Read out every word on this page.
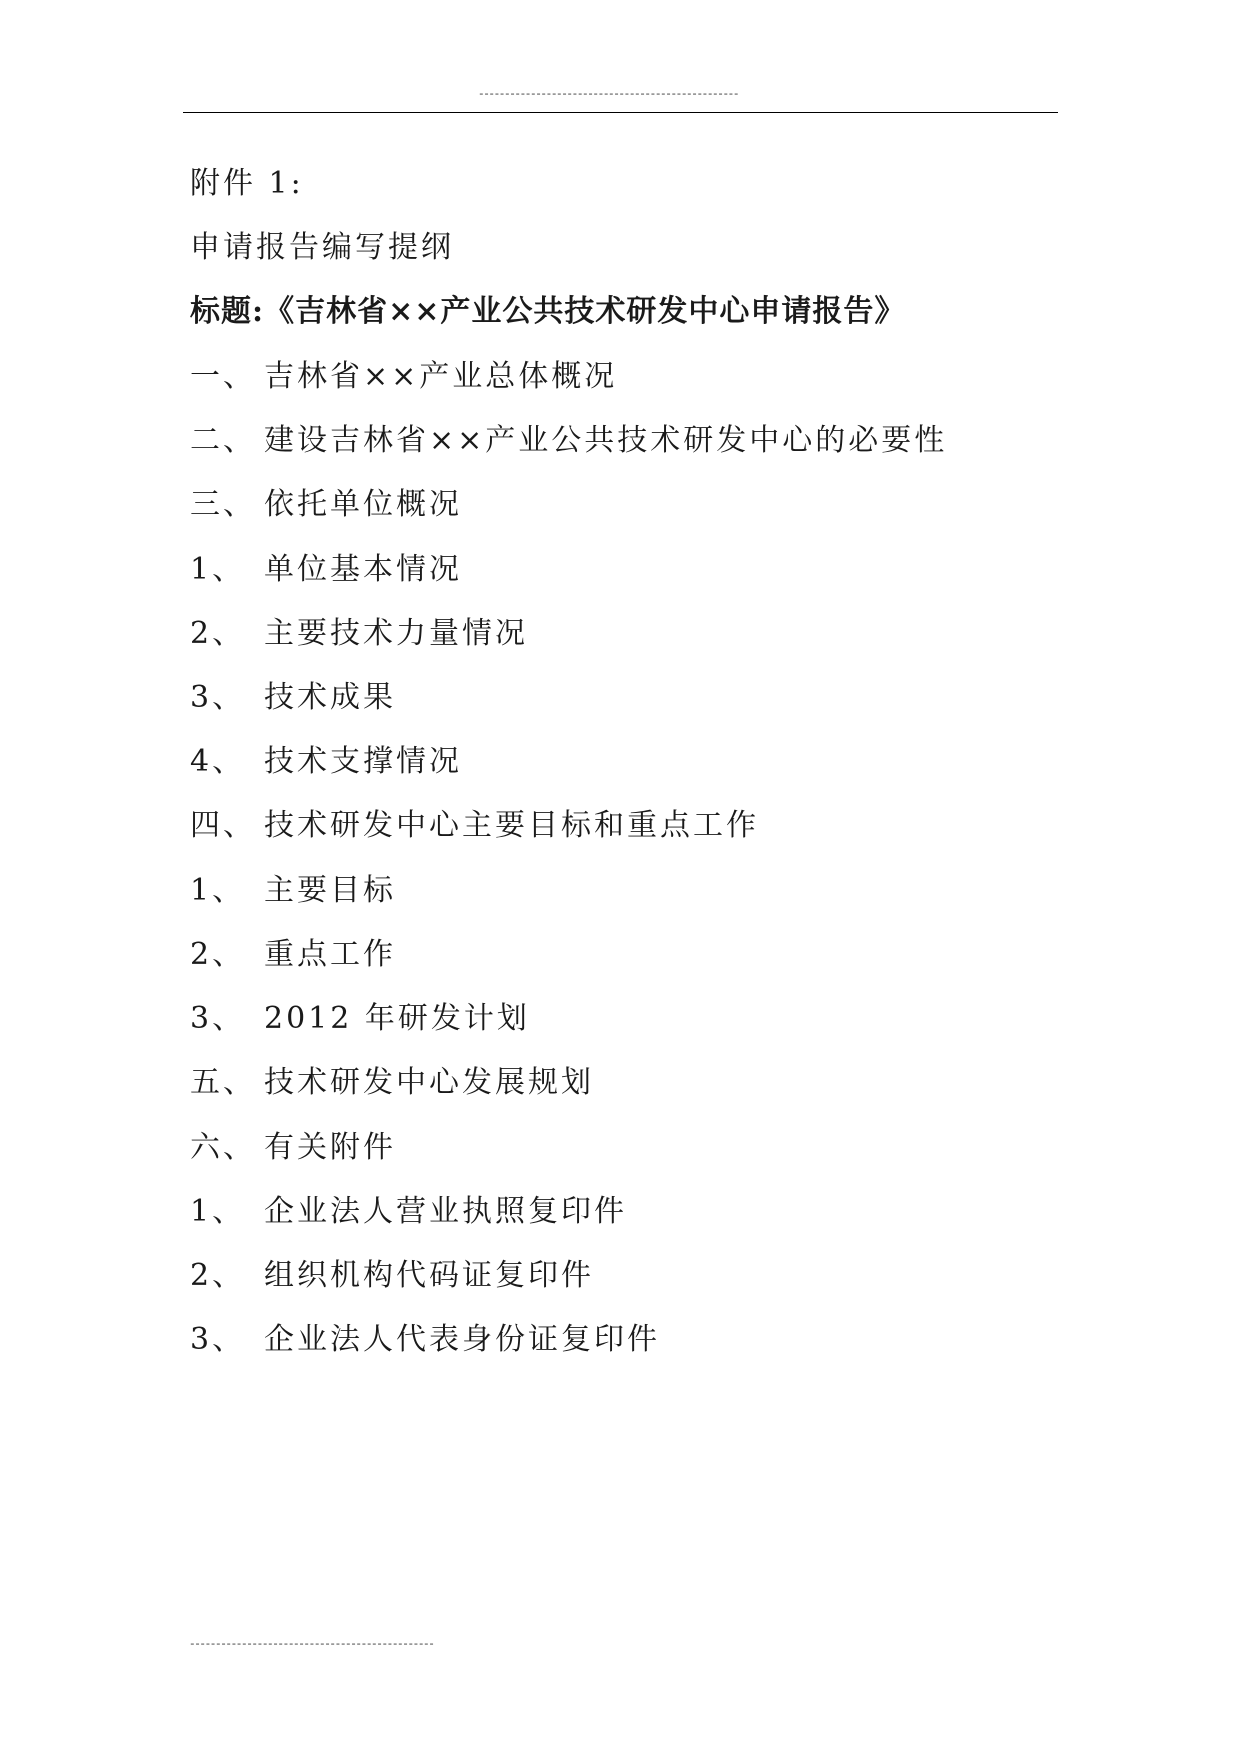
--------------------------------------------------
附件 1:
申请报告编写提纲
标题:《吉林省××产业公共技术研发中心申请报告》
一、 吉林省××产业总体概况
二、 建设吉林省××产业公共技术研发中心的必要性
三、 依托单位概况
1、 单位基本情况
2、 主要技术力量情况
3、 技术成果
4、 技术支撑情况
四、 技术研发中心主要目标和重点工作
1、 主要目标
2、 重点工作
3、 2012 年研发计划
五、 技术研发中心发展规划
六、 有关附件
1、 企业法人营业执照复印件
2、 组织机构代码证复印件
3、 企业法人代表身份证复印件
-----------------------------------------------
